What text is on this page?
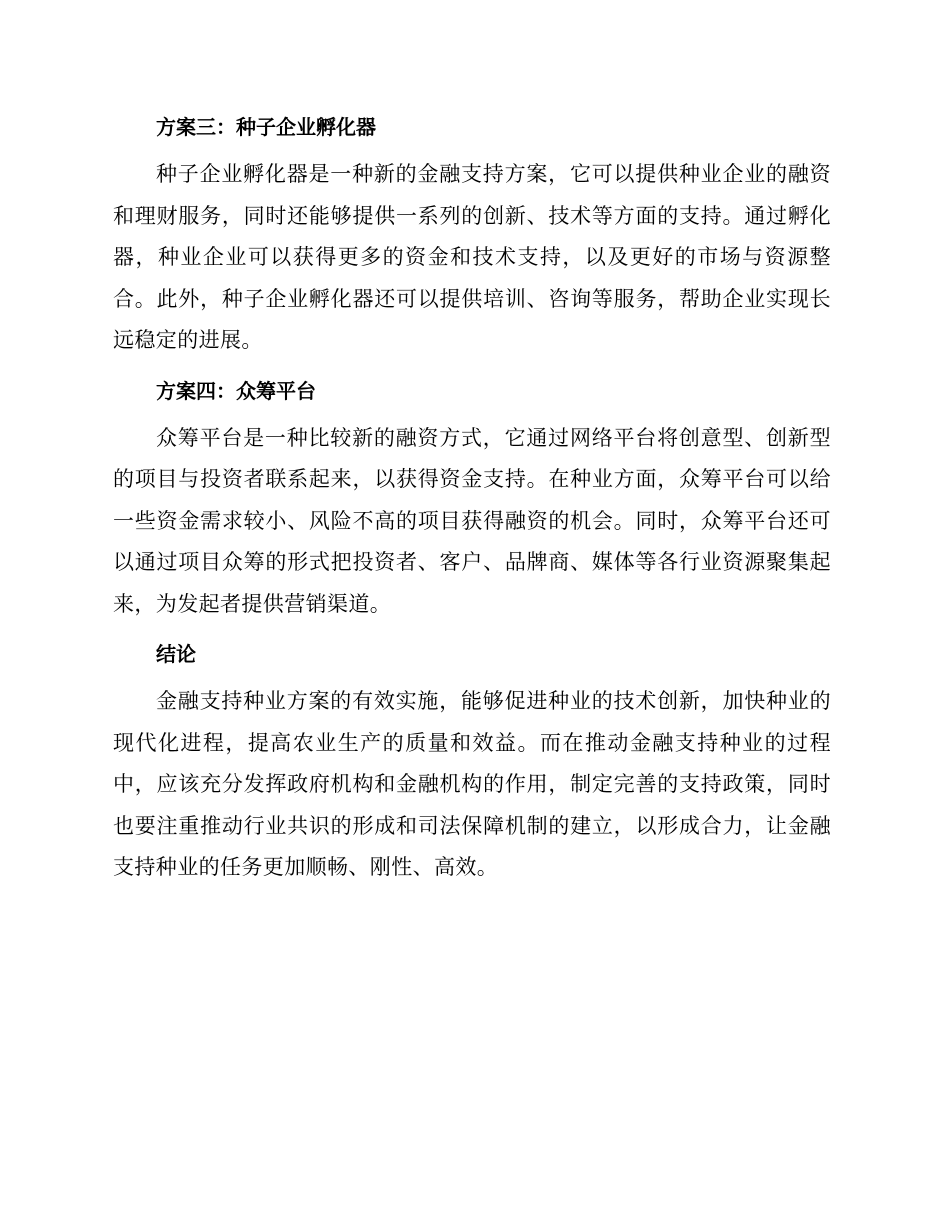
方案三：种子企业孵化器

种子企业孵化器是一种新的金融支持方案，它可以提供种业企业的融资和理财服务，同时还能够提供一系列的创新、技术等方面的支持。通过孵化器，种业企业可以获得更多的资金和技术支持，以及更好的市场与资源整合。此外，种子企业孵化器还可以提供培训、咨询等服务，帮助企业实现长远稳定的进展。

方案四：众筹平台

众筹平台是一种比较新的融资方式，它通过网络平台将创意型、创新型的项目与投资者联系起来，以获得资金支持。在种业方面，众筹平台可以给一些资金需求较小、风险不高的项目获得融资的机会。同时，众筹平台还可以通过项目众筹的形式把投资者、客户、品牌商、媒体等各行业资源聚集起来，为发起者提供营销渠道。

结论

金融支持种业方案的有效实施，能够促进种业的技术创新，加快种业的现代化进程，提高农业生产的质量和效益。而在推动金融支持种业的过程中，应该充分发挥政府机构和金融机构的作用，制定完善的支持政策，同时也要注重推动行业共识的形成和司法保障机制的建立，以形成合力，让金融支持种业的任务更加顺畅、刚性、高效。
